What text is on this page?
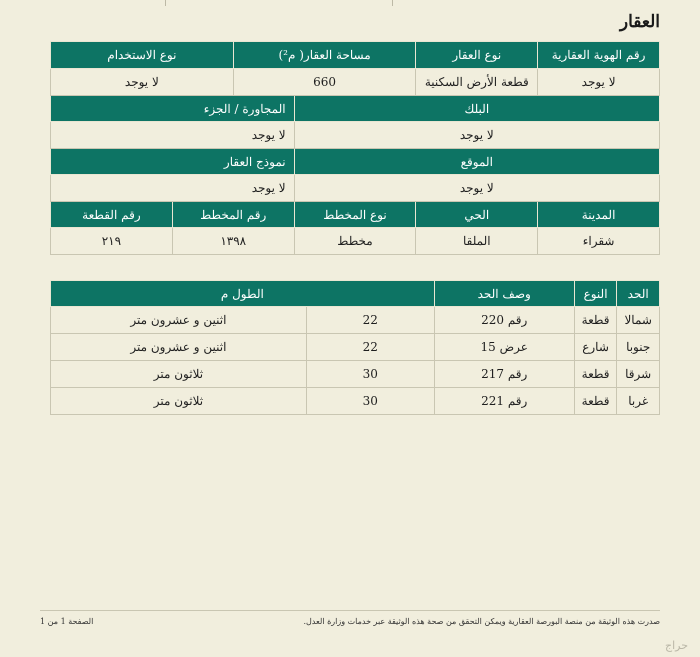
العقار
رقم الهوية العقارية	نوع العقار	مساحة العقار( م²)		نوع الاستخدام	
لا يوجد	قطعة الأرض السكنية	660		لا يوجد	
البلك			المجاورة / الجزء		
لا يوجد			لا يوجد		
الموقع			نموذج العقار		
لا يوجد			لا يوجد		
المدينة	الحي	نوع المخطط	رقم المخطط		رقم القطعة
شقراء	الملقا	مخطط	١٣٩٨		٢١٩
الحد	النوع	وصف الحد	الطول م	
شمالا	قطعة	رقم 220	22	اثنين و عشرون متر
جنوبا	شارع	عرض 15	22	اثنين و عشرون متر
شرقا	قطعة	رقم 217	30	ثلاثون متر
غربا	قطعة	رقم 221	30	ثلاثون متر
صدرت هذه الوثيقة من منصة البورصة العقارية ويمكن التحقق من صحة هذه الوثيقة عبر خدمات وزارة العدل.
الصفحة 1 من 1
حراج
